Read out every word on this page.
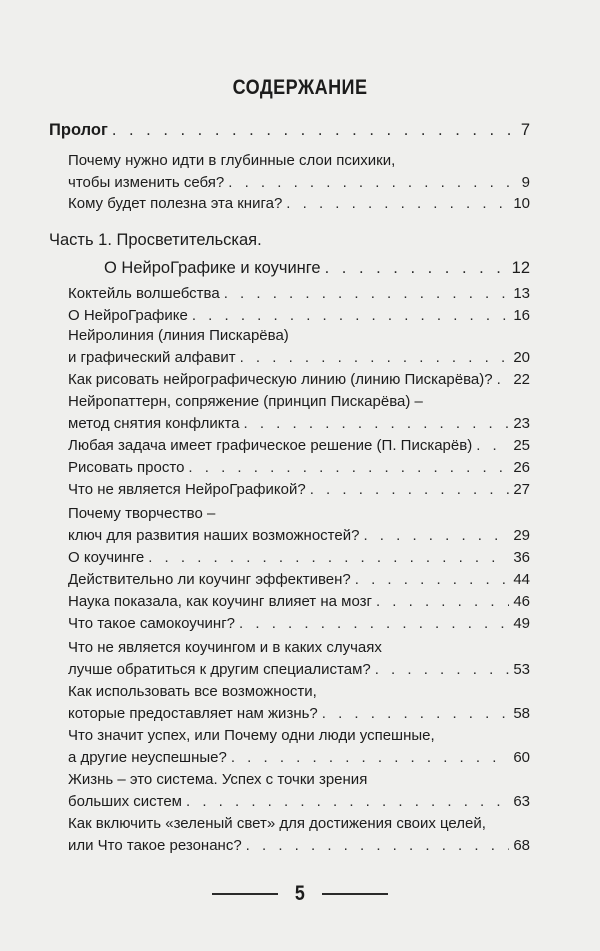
СОДЕРЖАНИЕ
Пролог . . .	7
Почему нужно идти в глубинные слои психики,
чтобы изменить себя? . . .	9
Кому будет полезна эта книга? . . .	10
Часть 1. Просветительская.
О НейроГрафике и коучинге . . .	12
Коктейль волшебства . . .	13
О НейроГрафике . . .	16
Нейролиния (линия Пискарёва)
и графический алфавит . . .	20
Как рисовать нейрографическую линию (линию Пискарёва)? . . . 22
Нейропаттерн, сопряжение (принцип Пискарёва) –
метод снятия конфликта . . .	23
Любая задача имеет графическое решение (П. Пискарёв) . . .	25
Рисовать просто . . .	26
Что не является НейроГрафикой? . . .	27
Почему творчество –
ключ для развития наших возможностей? . . .	29
О коучинге . . .	36
Действительно ли коучинг эффективен? . . .	44
Наука показала, как коучинг влияет на мозг . . .	46
Что такое самокоучинг? . . .	49
Что не является коучингом и в каких случаях
лучше обратиться к другим специалистам? . . .	53
Как использовать все возможности,
которые предоставляет нам жизнь? . . .	58
Что значит успех, или Почему одни люди успешные,
а другие неуспешные? . . .	60
Жизнь – это система. Успех с точки зрения
больших систем . . .	63
Как включить «зеленый свет» для достижения своих целей,
или Что такое резонанс? . . .	68
5
